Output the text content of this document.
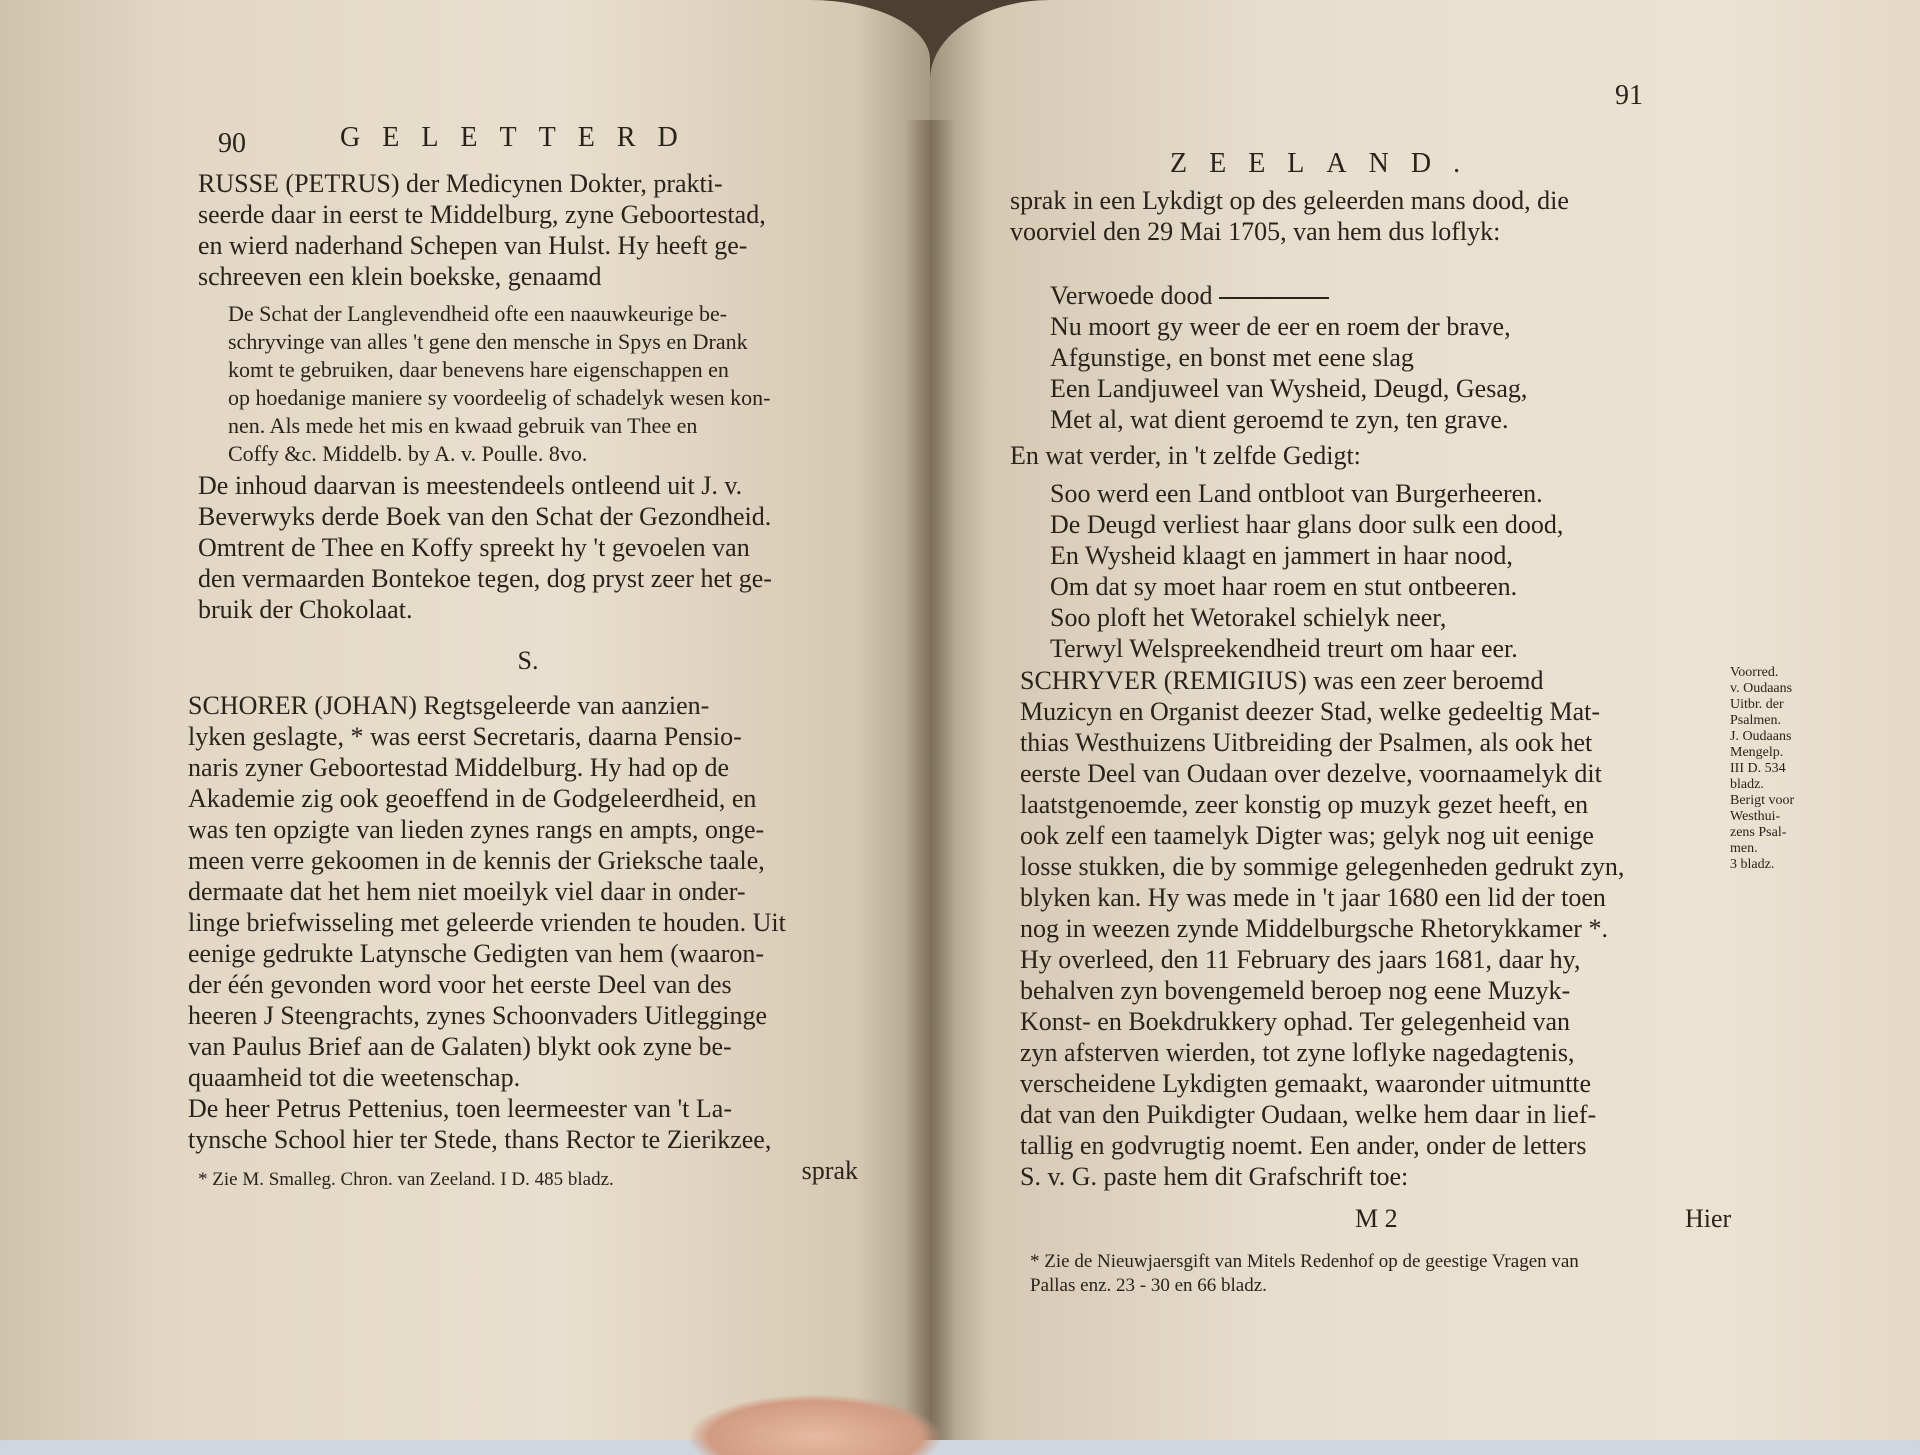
90	GELETTERD

RUSSE (PETRUS) der Medicynen Dokter, prakti-

seerde daar in eerst te Middelburg, zyne Geboortestad,

en wierd naderhand Schepen van Hulst. Hy heeft ge-

schreeven een klein boekske, genaamd

De Schat der Langlevendheid ofte een naauwkeurige be-

schryvinge van alles 't gene den mensche in Spys en Drank

komt te gebruiken, daar benevens hare eigenschappen en

op hoedanige maniere sy voordeelig of schadelyk wesen kon-

nen. Als mede het mis en kwaad gebruik van Thee en

Coffy &c. Middelb. by A. v. Poulle. 8vo.

De inhoud daarvan is meestendeels ontleend uit J. v.

Beverwyks derde Boek van den Schat der Gezondheid.

Omtrent de Thee en Koffy spreekt hy 't gevoelen van

den vermaarden Bontekoe tegen, dog pryst zeer het ge-

bruik der Chokolaat.

S.

SCHORER (JOHAN) Regtsgeleerde van aanzien-

lyken geslagte, * was eerst Secretaris, daarna Pensio-

naris zyner Geboortestad Middelburg. Hy had op de

Akademie zig ook geoeffend in de Godgeleerdheid, en

was ten opzigte van lieden zynes rangs en ampts, onge-

meen verre gekoomen in de kennis der Grieksche taale,

dermaate dat het hem niet moeilyk viel daar in onder-

linge briefwisseling met geleerde vrienden te houden. Uit

eenige gedrukte Latynsche Gedigten van hem (waaron-

der één gevonden word voor het eerste Deel van des

heeren J Steengrachts, zynes Schoonvaders Uitleggingе

van Paulus Brief aan de Galaten) blykt ook zyne be-

quaamheid tot die weetenschap.

De heer Petrus Pettenius, toen leermeester van 't La-

tynsche School hier ter Stede, thans Rector te Zierikzee,

sprak

* Zie M. Smalleg. Chron. van Zeeland. I D. 485 bladz.
ZEELAND.
91

sprak in een Lykdigt op des geleerden mans dood, die

voorviel den 29 Mai 1705, van hem dus loflyk:

Verwoede dood

Nu moort gy weer de eer en roem der brave,

Afgunstige, en bonst met eene slag

Een Landjuweel van Wysheid, Deugd, Gesag,

Met al, wat dient geroemd te zyn, ten grave.

En wat verder, in 't zelfde Gedigt:

Soo werd een Land ontbloot van Burgerheeren.

De Deugd verliest haar glans door sulk een dood,

En Wysheid klaagt en jammert in haar nood,

Om dat sy moet haar roem en stut ontbeeren.

Soo ploft het Wetorakel schielyk neer,

Terwyl Welspreekendheid treurt om haar eer.

SCHRYVER (REMIGIUS) was een zeer beroemd

Muzicyn en Organist deezer Stad, welke gedeeltig Mat-

thias Westhuizens Uitbreiding der Psalmen, als ook het

eerste Deel van Oudaan over dezelve, voornaamelyk dit

laatstgenoemde, zeer konstig op muzyk gezet heeft, en

ook zelf een taamelyk Digter was; gelyk nog uit eenige

losse stukken, die by sommige gelegenheden gedrukt zyn,

blyken kan. Hy was mede in 't jaar 1680 een lid der toen

nog in weezen zynde Middelburgsche Rhetorykkamer *.

Hy overleed, den 11 February des jaars 1681, daar hy,

behalven zyn bovengemeld beroep nog eene Muzyk-

Konst- en Boekdrukkery ophad. Ter gelegenheid van

zyn afsterven wierden, tot zyne loflyke nagedagtenis,

verscheidene Lykdigten gemaakt, waaronder uitmuntte

dat van den Puikdigter Oudaan, welke hem daar in lief-

tallig en godvrugtig noemt. Een ander, onder de letters

S. v. G. paste hem dit Grafschrift toe:

Voorred.

v. Oudaans

Uitbr. der

Psalmen.

J. Oudaans

Mengelp.

III D. 534

bladz.

Berigt voor

Westhui-

zens Psal-

men.

3 bladz.

M 2	Hier

* Zie de Nieuwjaersgift van Mitels Redenhof op de geestige Vragen van

Pallas enz. 23 - 30 en 66 bladz.
